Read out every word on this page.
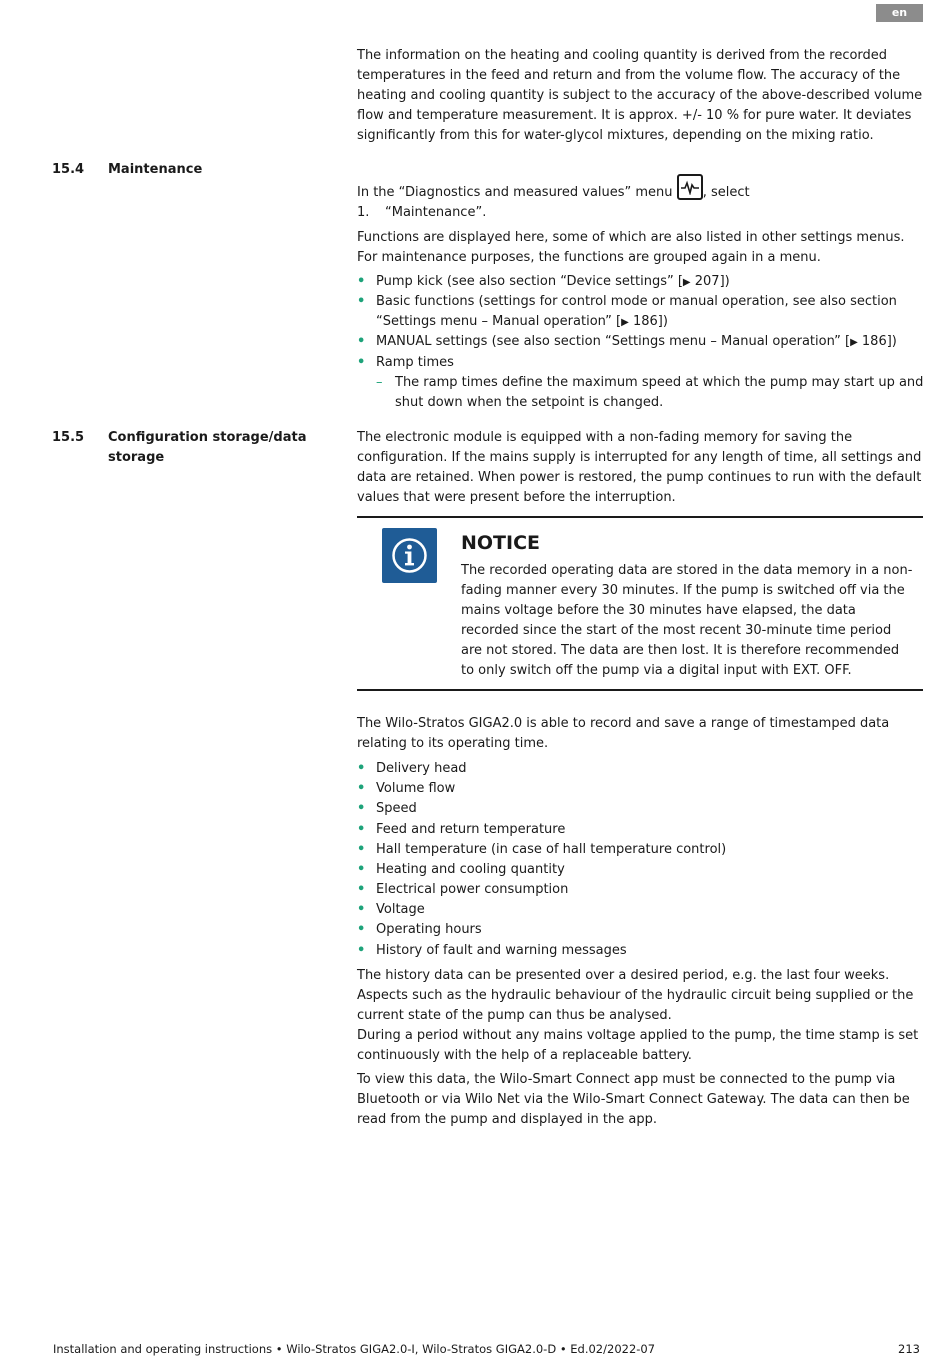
en

The information on the heating and cooling quantity is derived from the recorded temperatures in the feed and return and from the volume flow. The accuracy of the heating and cooling quantity is subject to the accuracy of the above-described volume flow and temperature measurement. It is approx. +/- 10 % for pure water. It deviates significantly from this for water-glycol mixtures, depending on the mixing ratio.

15.4 Maintenance
In the “Diagnostics and measured values” menu , select
1. “Maintenance”.

Functions are displayed here, some of which are also listed in other settings menus. For maintenance purposes, the functions are grouped again in a menu.

• Pump kick (see also section “Device settings” [▶ 207])
• Basic functions (settings for control mode or manual operation, see also section “Settings menu – Manual operation” [▶ 186])
• MANUAL settings (see also section “Settings menu – Manual operation” [▶ 186])
• Ramp times
– The ramp times define the maximum speed at which the pump may start up and shut down when the setpoint is changed.
15.5 Configuration storage/data storage

The electronic module is equipped with a non-fading memory for saving the configuration. If the mains supply is interrupted for any length of time, all settings and data are retained. When power is restored, the pump continues to run with the default values that were present before the interruption.

NOTICE

The recorded operating data are stored in the data memory in a non-fading manner every 30 minutes. If the pump is switched off via the mains voltage before the 30 minutes have elapsed, the data recorded since the start of the most recent 30-minute time period are not stored. The data are then lost. It is therefore recommended to only switch off the pump via a digital input with EXT. OFF.

The Wilo-Stratos GIGA2.0 is able to record and save a range of timestamped data relating to its operating time.

• Delivery head
• Volume flow
• Speed
• Feed and return temperature
• Hall temperature (in case of hall temperature control)
• Heating and cooling quantity
• Electrical power consumption
• Voltage
• Operating hours
• History of fault and warning messages

The history data can be presented over a desired period, e.g. the last four weeks. Aspects such as the hydraulic behaviour of the hydraulic circuit being supplied or the current state of the pump can thus be analysed.

During a period without any mains voltage applied to the pump, the time stamp is set continuously with the help of a replaceable battery.

To view this data, the Wilo-Smart Connect app must be connected to the pump via Bluetooth or via Wilo Net via the Wilo-Smart Connect Gateway. The data can then be read from the pump and displayed in the app.

Installation and operating instructions • Wilo-Stratos GIGA2.0-I, Wilo-Stratos GIGA2.0-D • Ed.02/2022-07	213
